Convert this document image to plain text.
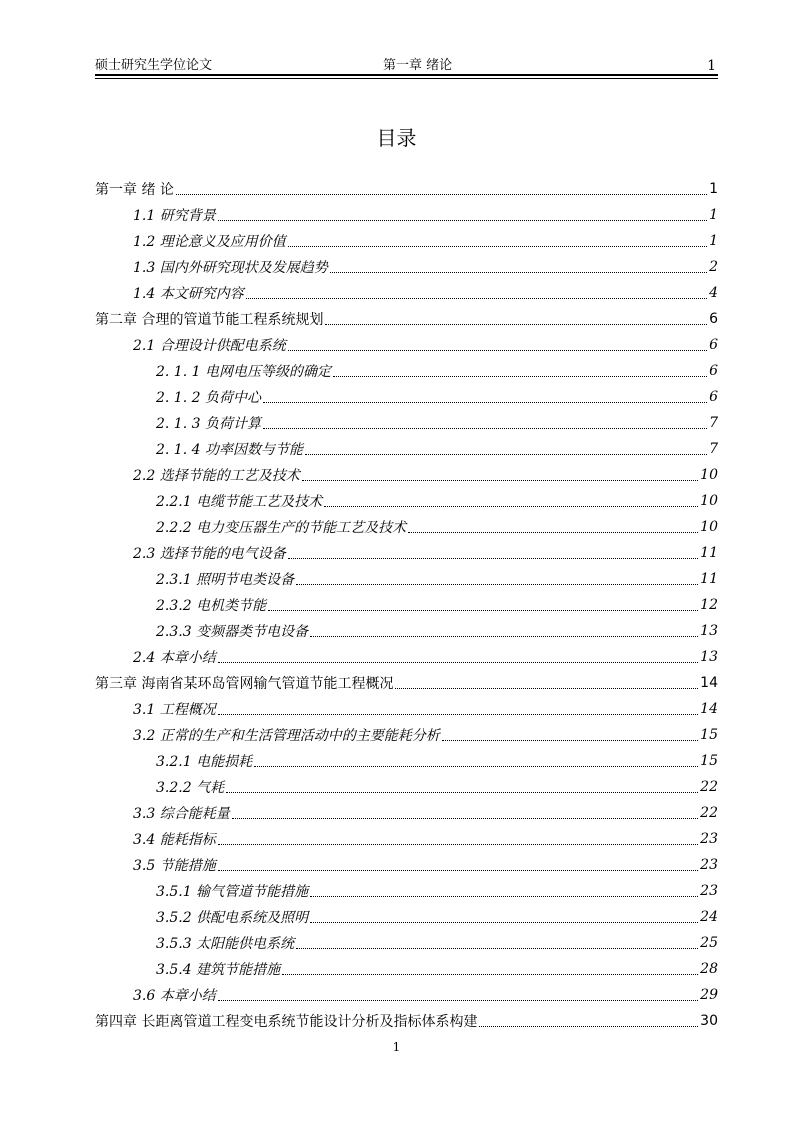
硕士研究生学位论文	第一章 绪论	1
目录
第一章 绪 论	1
1.1 研究背景	1
1.2 理论意义及应用价值	1
1.3 国内外研究现状及发展趋势	2
1.4 本文研究内容	4
第二章 合理的管道节能工程系统规划	6
2.1 合理设计供配电系统	6
2. 1. 1 电网电压等级的确定	6
2. 1. 2 负荷中心	6
2. 1. 3 负荷计算	7
2. 1. 4 功率因数与节能	7
2.2 选择节能的工艺及技术	10
2.2.1 电缆节能工艺及技术	10
2.2.2 电力变压器生产的节能工艺及技术	10
2.3 选择节能的电气设备	11
2.3.1 照明节电类设备	11
2.3.2 电机类节能	12
2.3.3 变频器类节电设备	13
2.4 本章小结	13
第三章 海南省某环岛管网输气管道节能工程概况	14
3.1 工程概况	14
3.2 正常的生产和生活管理活动中的主要能耗分析	15
3.2.1 电能损耗	15
3.2.2 气耗	22
3.3 综合能耗量	22
3.4 能耗指标	23
3.5 节能措施	23
3.5.1 输气管道节能措施	23
3.5.2 供配电系统及照明	24
3.5.3 太阳能供电系统	25
3.5.4 建筑节能措施	28
3.6 本章小结	29
第四章 长距离管道工程变电系统节能设计分析及指标体系构建	30
1
